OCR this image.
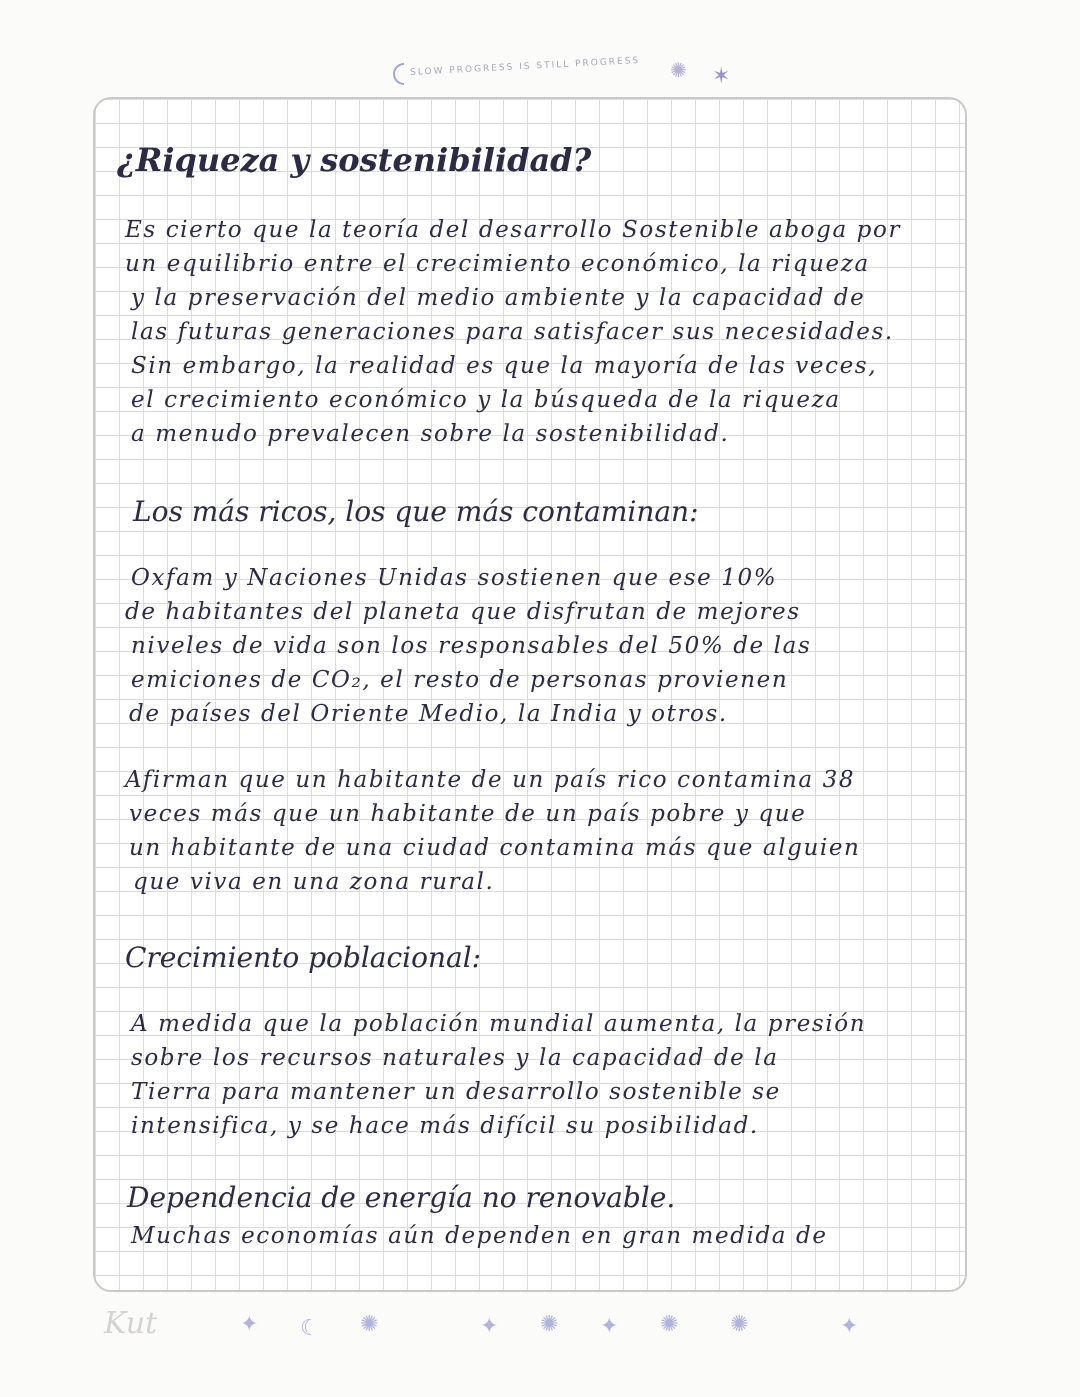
SLOW PROGRESS IS STILL PROGRESS ✺ ✶
¿Riqueza y sostenibilidad?
Es cierto que la teoría del desarrollo Sostenible aboga por
un equilibrio entre el crecimiento económico, la riqueza
y la preservación del medio ambiente y la capacidad de
las futuras generaciones para satisfacer sus necesidades.
Sin embargo, la realidad es que la mayoría de las veces,
el crecimiento económico y la búsqueda de la riqueza
a menudo prevalecen sobre la sostenibilidad.
Los más ricos, los que más contaminan:
Oxfam y Naciones Unidas sostienen que ese 10%
de habitantes del planeta que disfrutan de mejores
niveles de vida son los responsables del 50% de las
emiciones de CO₂, el resto de personas provienen
de países del Oriente Medio, la India y otros.
Afirman que un habitante de un país rico contamina 38
veces más que un habitante de un país pobre y que
un habitante de una ciudad contamina más que alguien
que viva en una zona rural.
Crecimiento poblacional:
A medida que la población mundial aumenta, la presión
sobre los recursos naturales y la capacidad de la
Tierra para mantener un desarrollo sostenible se
intensifica, y se hace más difícil su posibilidad.
Dependencia de energía no renovable.
Muchas economías aún dependen en gran medida de
Kut	✦ ☾ ✺	✦ ✺ ✦ ✺ ✺	✦
